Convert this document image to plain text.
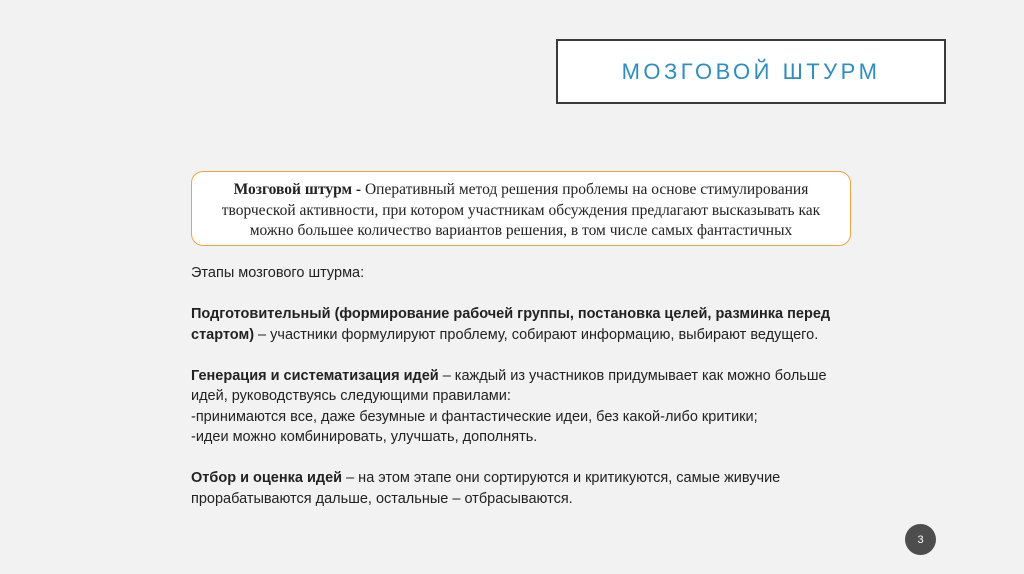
МОЗГОВОЙ ШТУРМ
Мозговой штурм - Оперативный метод решения проблемы на основе стимулирования творческой активности, при котором участникам обсуждения предлагают высказывать как можно большее количество вариантов решения, в том числе самых фантастичных

Этапы мозгового штурма:

Подготовительный (формирование рабочей группы, постановка целей, разминка перед стартом) – участники формулируют проблему, собирают информацию, выбирают ведущего.

Генерация и систематизация идей – каждый из участников придумывает как можно больше идей, руководствуясь следующими правилами:

-принимаются все, даже безумные и фантастические идеи, без какой-либо критики;

-идеи можно комбинировать, улучшать, дополнять.

Отбор и оценка идей – на этом этапе они сортируются и критикуются, самые живучие прорабатываются дальше, остальные – отбрасываются.

3
